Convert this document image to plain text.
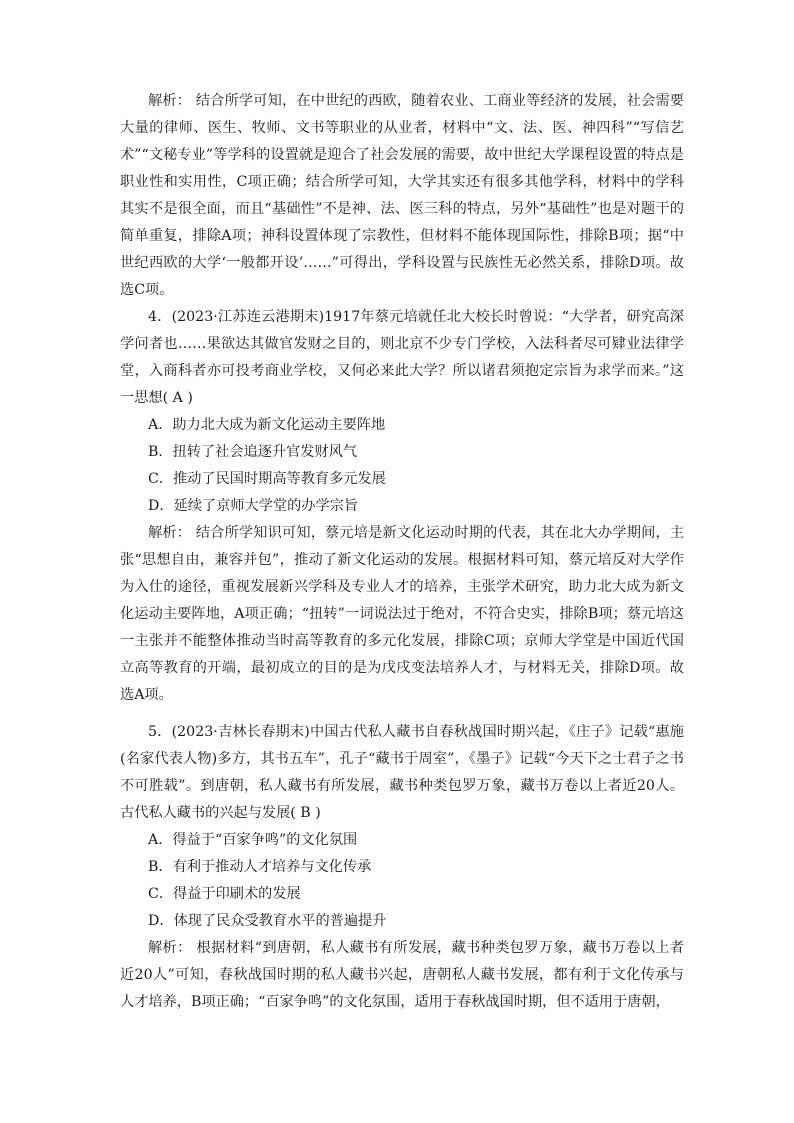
解析： 结合所学可知，在中世纪的西欧，随着农业、工商业等经济的发展，社会需要大量的律师、医生、牧师、文书等职业的从业者，材料中“文、法、医、神四科”“写信艺术”“文秘专业”等学科的设置就是迎合了社会发展的需要，故中世纪大学课程设置的特点是职业性和实用性，C项正确；结合所学可知，大学其实还有很多其他学科，材料中的学科其实不是很全面，而且“基础性”不是神、法、医三科的特点，另外“基础性”也是对题干的简单重复，排除A项；神科设置体现了宗教性，但材料不能体现国际性，排除B项；据“中世纪西欧的大学‘一般都开设’……”可得出，学科设置与民族性无必然关系，排除D项。故选C项。

4．(2023·江苏连云港期末)1917年蔡元培就任北大校长时曾说：“大学者，研究高深学问者也……果欲达其做官发财之目的，则北京不少专门学校，入法科者尽可肄业法律学堂，入商科者亦可投考商业学校，又何必来此大学？所以诸君须抱定宗旨为求学而来。”这一思想( A )

A．助力北大成为新文化运动主要阵地

B．扭转了社会追逐升官发财风气

C．推动了民国时期高等教育多元发展

D．延续了京师大学堂的办学宗旨

解析： 结合所学知识可知，蔡元培是新文化运动时期的代表，其在北大办学期间，主张“思想自由，兼容并包”，推动了新文化运动的发展。根据材料可知，蔡元培反对大学作为入仕的途径，重视发展新兴学科及专业人才的培养，主张学术研究，助力北大成为新文化运动主要阵地，A项正确；“扭转”一词说法过于绝对，不符合史实，排除B项；蔡元培这一主张并不能整体推动当时高等教育的多元化发展，排除C项；京师大学堂是中国近代国立高等教育的开端，最初成立的目的是为戊戌变法培养人才，与材料无关，排除D项。故选A项。

5．(2023·吉林长春期末)中国古代私人藏书自春秋战国时期兴起，《庄子》记载“惠施(名家代表人物)多方，其书五车”，孔子“藏书于周室”，《墨子》记载“今天下之士君子之书不可胜载”。到唐朝，私人藏书有所发展，藏书种类包罗万象，藏书万卷以上者近20人。古代私人藏书的兴起与发展( B )

A．得益于“百家争鸣”的文化氛围

B．有利于推动人才培养与文化传承

C．得益于印刷术的发展

D．体现了民众受教育水平的普遍提升

解析： 根据材料“到唐朝，私人藏书有所发展，藏书种类包罗万象，藏书万卷以上者近20人”可知，春秋战国时期的私人藏书兴起，唐朝私人藏书发展，都有利于文化传承与人才培养，B项正确；“百家争鸣”的文化氛围，适用于春秋战国时期，但不适用于唐朝，
